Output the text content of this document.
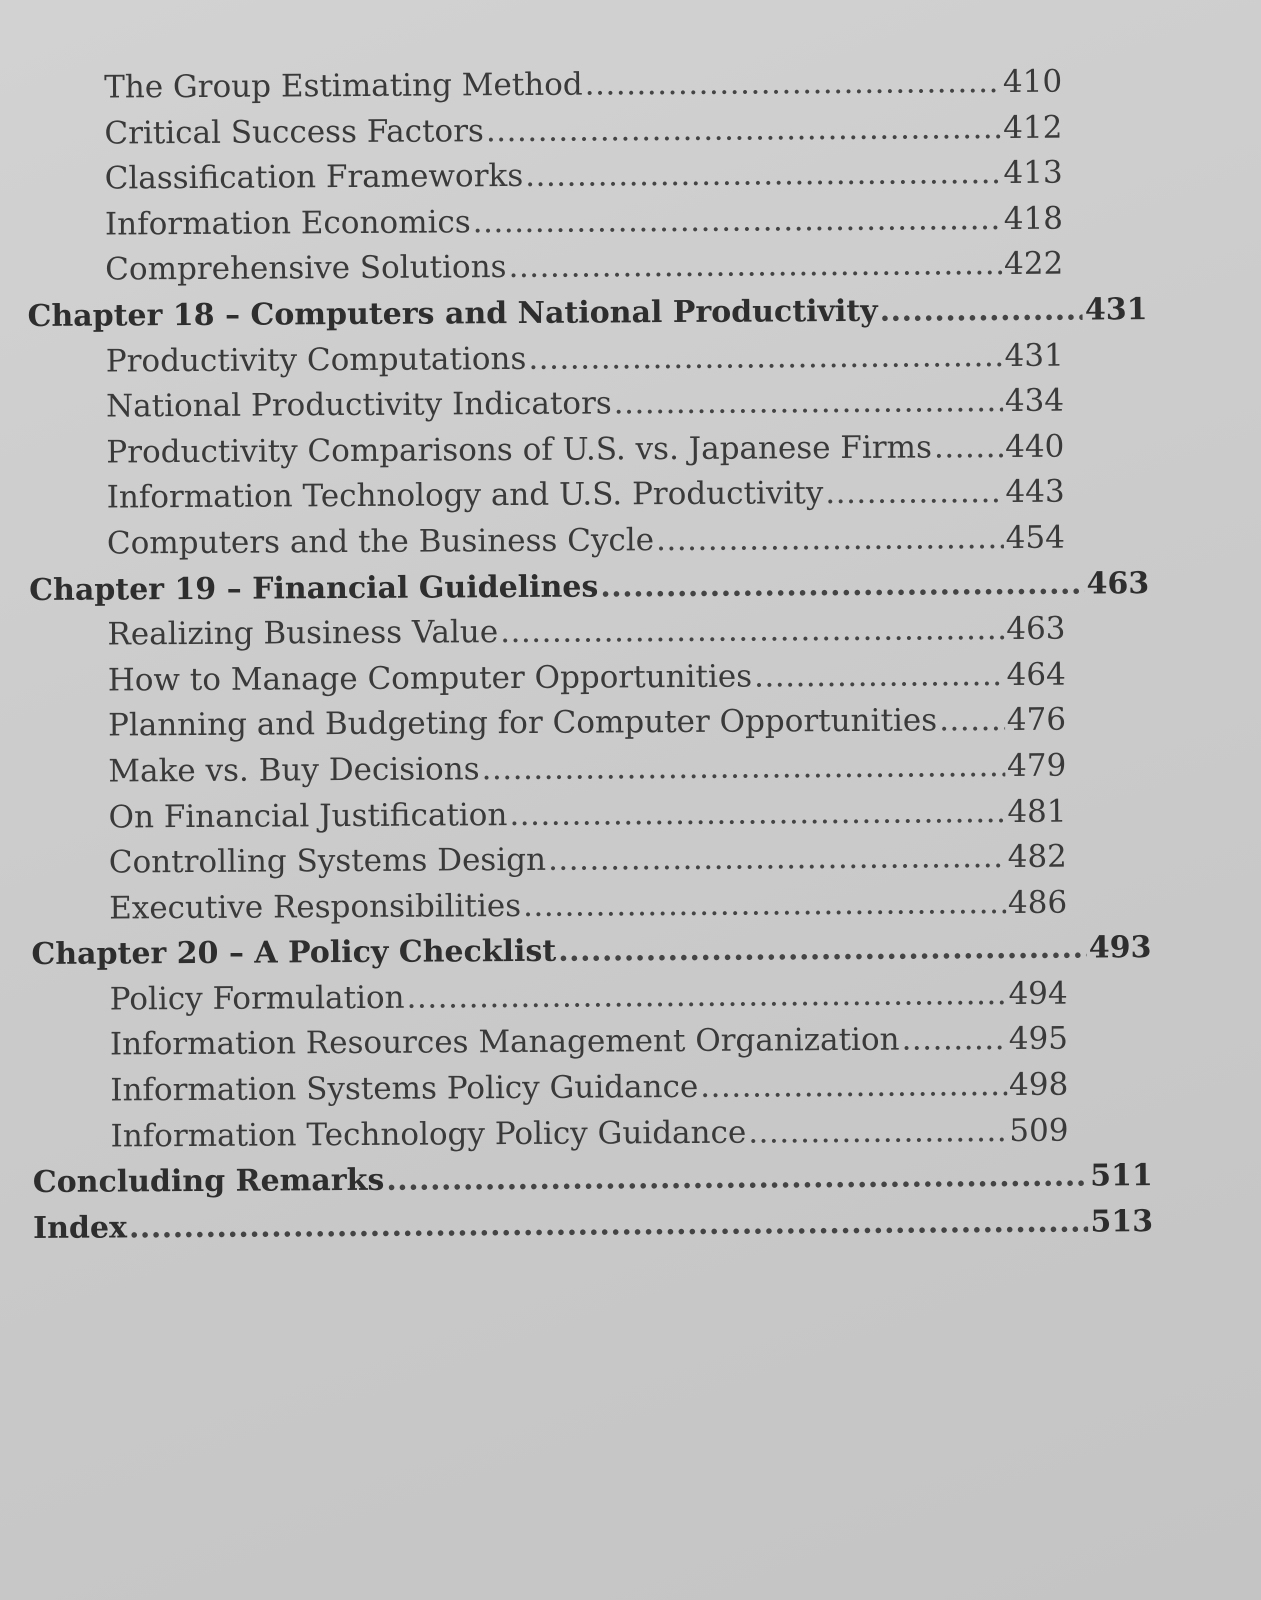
The Group Estimating Method .....	410
Critical Success Factors .....	412
Classification Frameworks .....	413
Information Economics .....	418
Comprehensive Solutions .....	422
Chapter 18 – Computers and National Productivity .....	431
Productivity Computations .....	431
National Productivity Indicators .....	434
Productivity Comparisons of U.S. vs. Japanese Firms ..... 440
Information Technology and U.S. Productivity .....	443
Computers and the Business Cycle .....	454
Chapter 19 – Financial Guidelines .....	463
Realizing Business Value .....	463
How to Manage Computer Opportunities .....	464
Planning and Budgeting for Computer Opportunities ..... 476
Make vs. Buy Decisions .....	479
On Financial Justification .....	481
Controlling Systems Design .....	482
Executive Responsibilities .....	486
Chapter 20 – A Policy Checklist .....	493
Policy Formulation .....	494
Information Resources Management Organization .....	495
Information Systems Policy Guidance .....	498
Information Technology Policy Guidance .....	509
Concluding Remarks .....	511
Index .....	513
